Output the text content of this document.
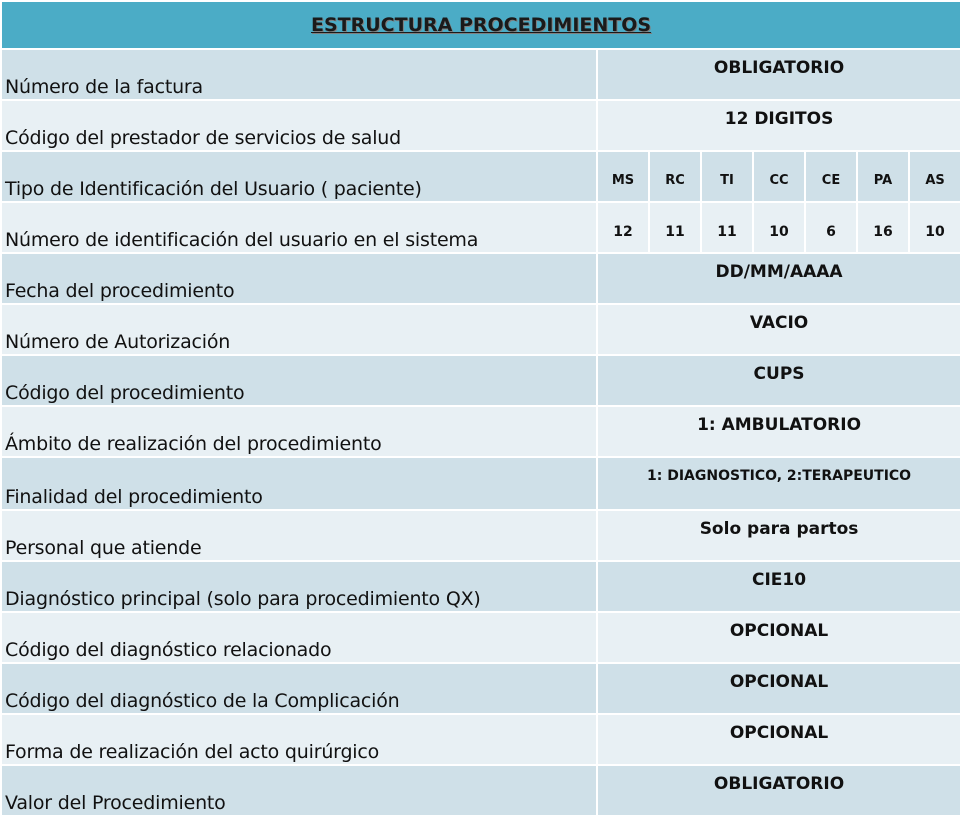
ESTRUCTURA PROCEDIMIENTOS							
Número de la factura	OBLIGATORIO						
Código del prestador de servicios de salud	12 DIGITOS						
Tipo de Identificación del Usuario ( paciente)	MS	RC	TI	CC	CE	PA	AS
Número de identificación del usuario en el sistema	12	11	11	10	6	16	10
Fecha del procedimiento	DD/MM/AAAA						
Número de Autorización	VACIO						
Código del procedimiento	CUPS						
Ámbito de realización del procedimiento	1: AMBULATORIO						
Finalidad del procedimiento	1: DIAGNOSTICO, 2:TERAPEUTICO						
Personal que atiende	Solo para partos						
Diagnóstico principal (solo para procedimiento QX)	CIE10						
Código del diagnóstico relacionado	OPCIONAL						
Código del diagnóstico de la Complicación	OPCIONAL						
Forma de realización del acto quirúrgico	OPCIONAL						
Valor del Procedimiento	OBLIGATORIO						
